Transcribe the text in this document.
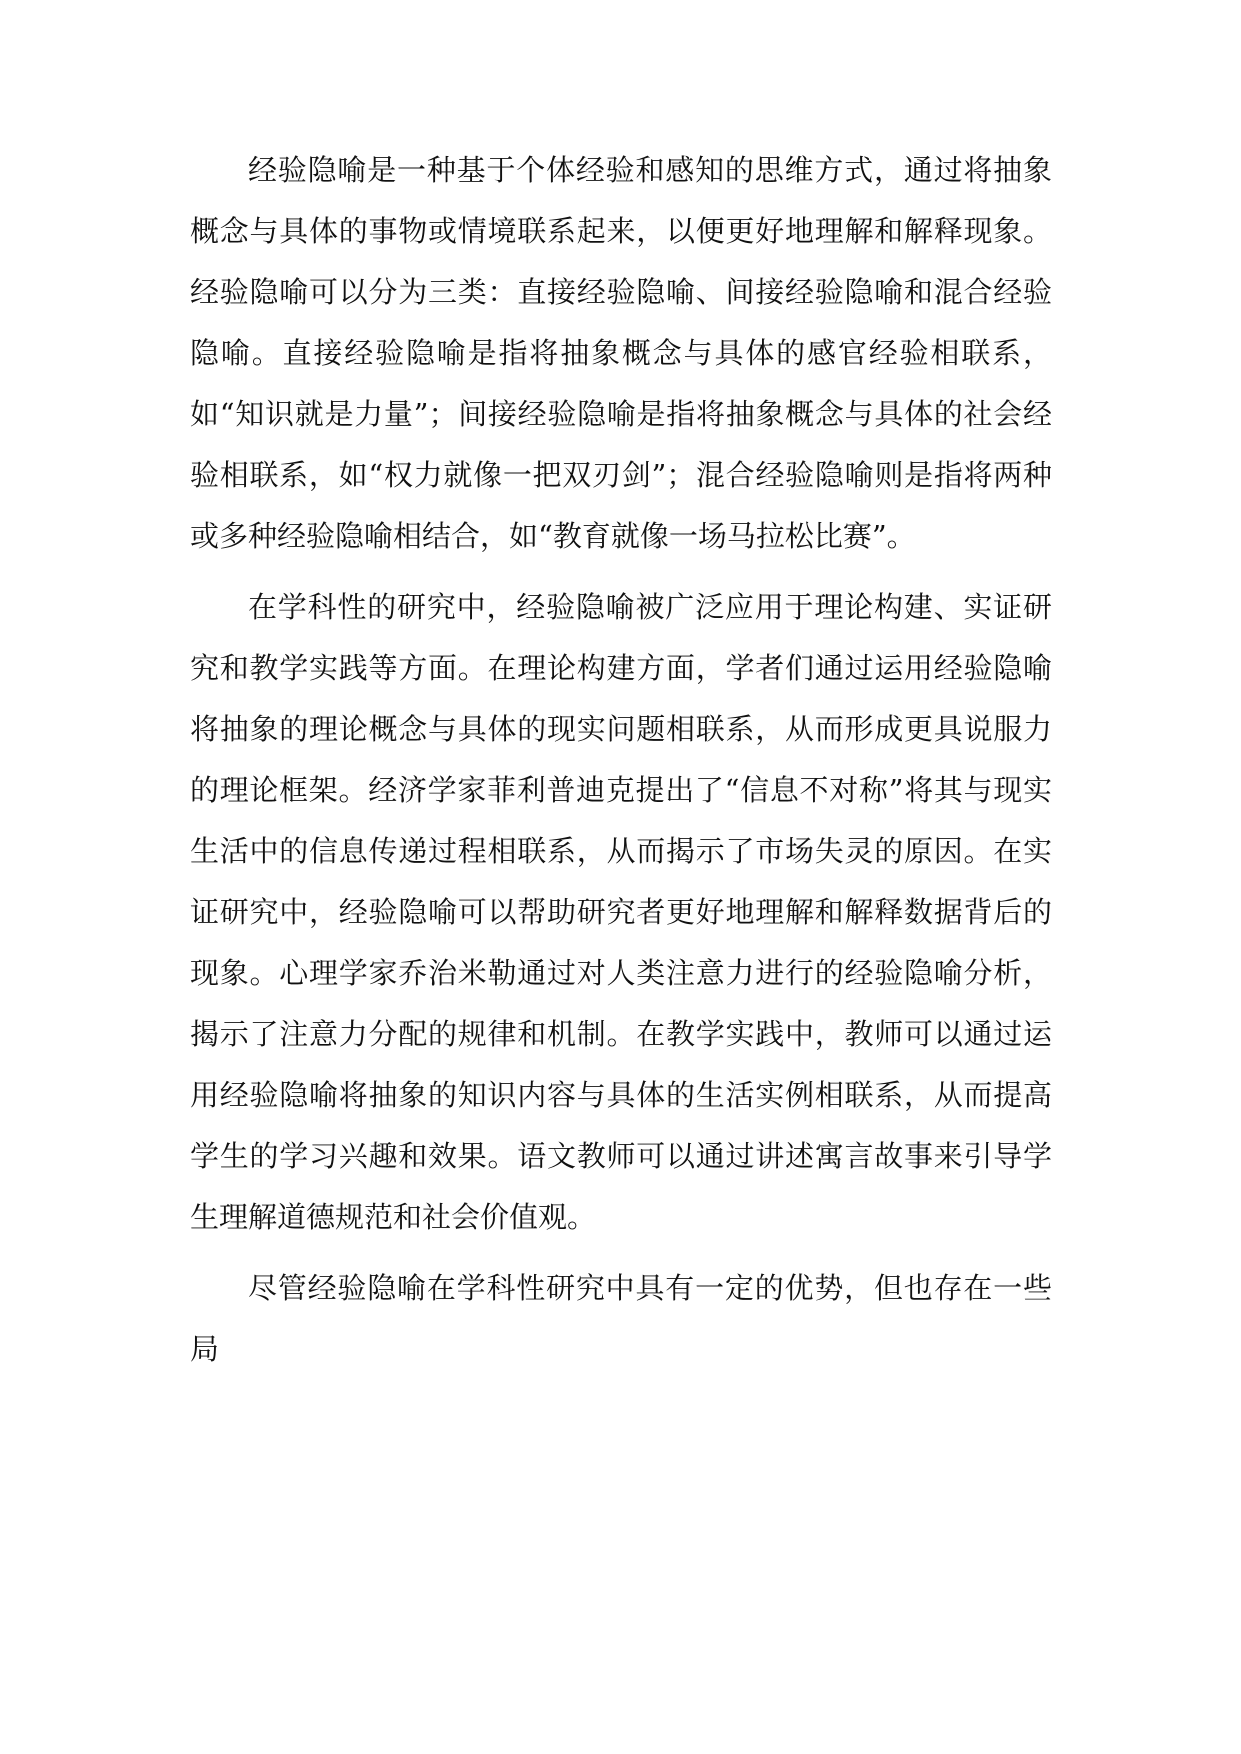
经验隐喻是一种基于个体经验和感知的思维方式，通过将抽象概念与具体的事物或情境联系起来，以便更好地理解和解释现象。经验隐喻可以分为三类：直接经验隐喻、间接经验隐喻和混合经验隐喻。直接经验隐喻是指将抽象概念与具体的感官经验相联系，如“知识就是力量”；间接经验隐喻是指将抽象概念与具体的社会经验相联系，如“权力就像一把双刃剑”；混合经验隐喻则是指将两种或多种经验隐喻相结合，如“教育就像一场马拉松比赛”。

在学科性的研究中，经验隐喻被广泛应用于理论构建、实证研究和教学实践等方面。在理论构建方面，学者们通过运用经验隐喻将抽象的理论概念与具体的现实问题相联系，从而形成更具说服力的理论框架。经济学家菲利普迪克提出了“信息不对称”将其与现实生活中的信息传递过程相联系，从而揭示了市场失灵的原因。在实证研究中，经验隐喻可以帮助研究者更好地理解和解释数据背后的现象。心理学家乔治米勒通过对人类注意力进行的经验隐喻分析，揭示了注意力分配的规律和机制。在教学实践中，教师可以通过运用经验隐喻将抽象的知识内容与具体的生活实例相联系，从而提高学生的学习兴趣和效果。语文教师可以通过讲述寓言故事来引导学生理解道德规范和社会价值观。

尽管经验隐喻在学科性研究中具有一定的优势，但也存在一些局
